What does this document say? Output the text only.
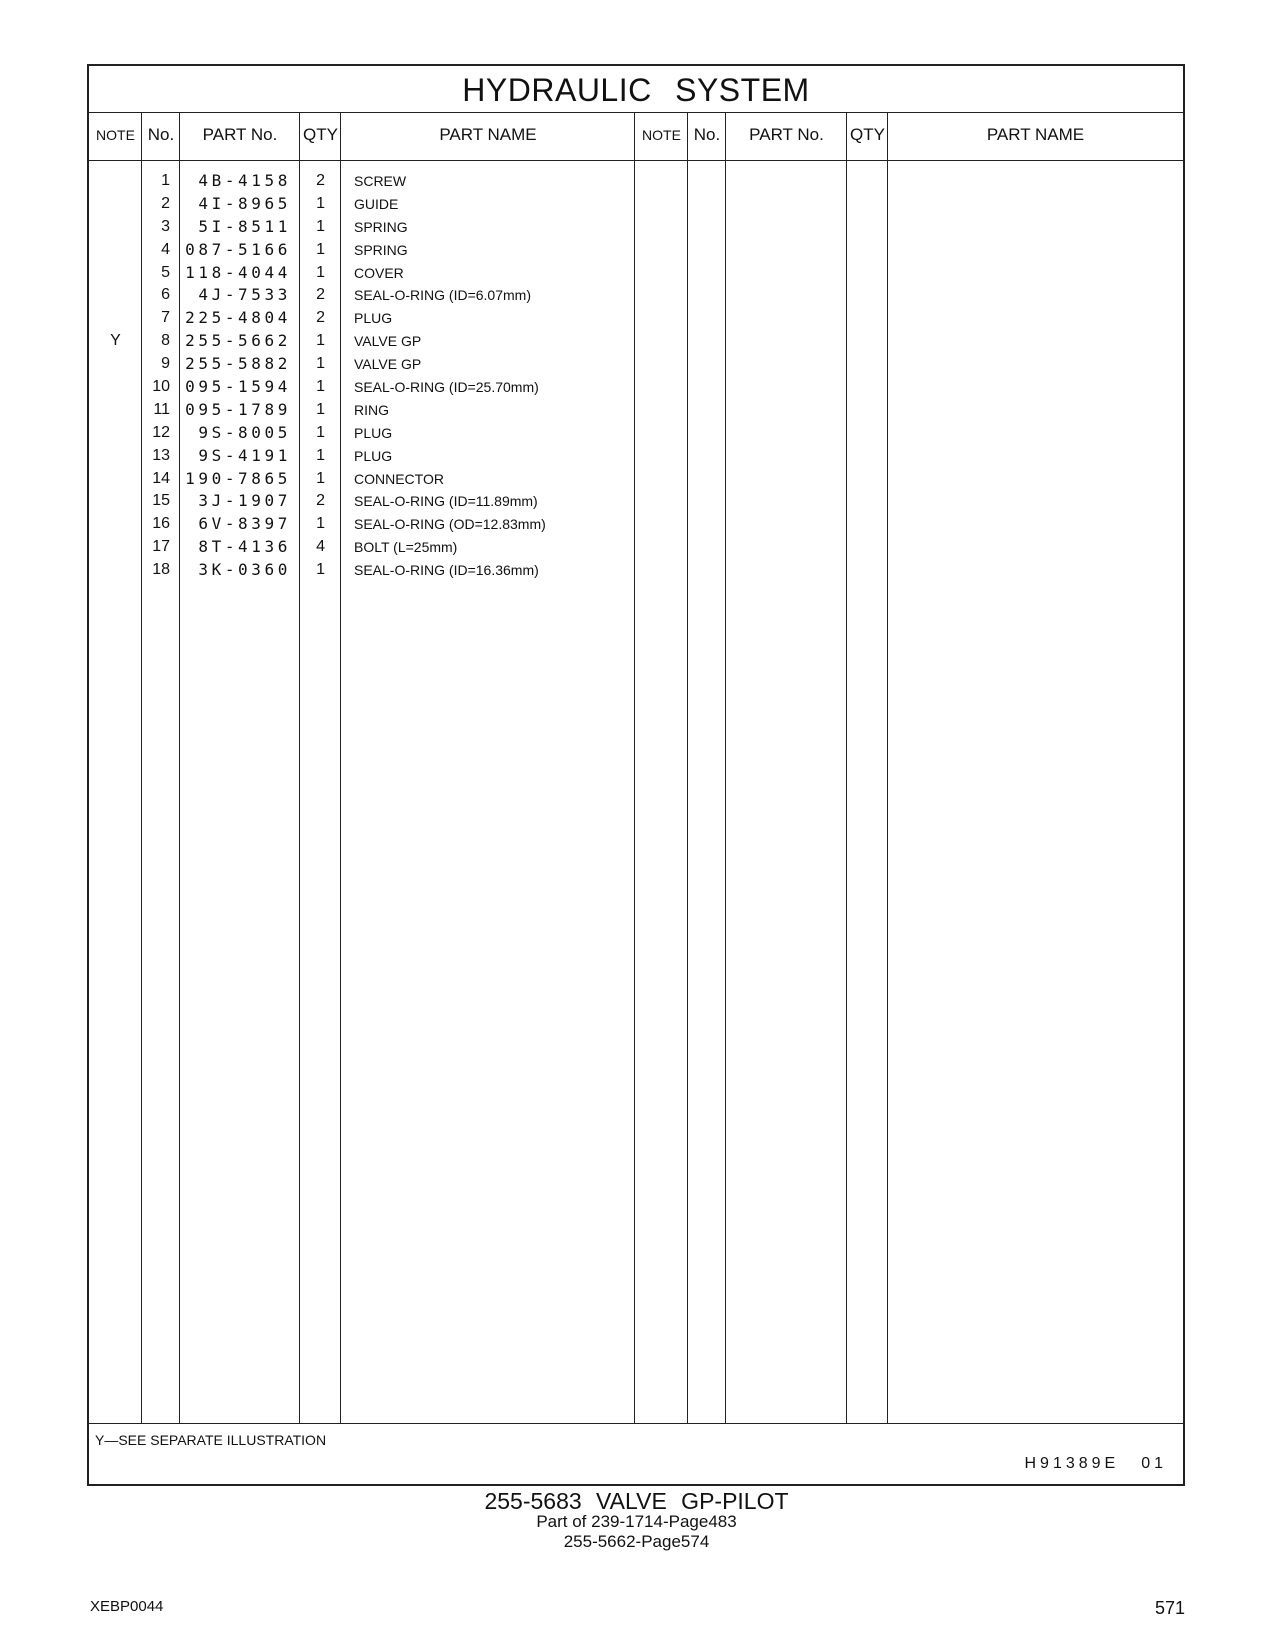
HYDRAULIC SYSTEM
NOTE No.	PART No.	QTY	PART NAME	NOTE No.	PART No.	QTY	PART NAME
1	4B-4158	2 SCREW
2	4I-8965	1 GUIDE
3	5I-8511	1 SPRING
4 087-5166	1 SPRING
5 118-4044	1 COVER
6	4J-7533	2 SEAL-O-RING (ID=6.07mm)
7 225-4804	2 PLUG
Y	8 255-5662	1 VALVE GP
9 255-5882	1 VALVE GP
10 095-1594	1 SEAL-O-RING (ID=25.70mm)
11 095-1789	1 RING
12	9S-8005	1 PLUG
13	9S-4191	1 PLUG
14 190-7865	1 CONNECTOR
15	3J-1907	2 SEAL-O-RING (ID=11.89mm)
16	6V-8397	1 SEAL-O-RING (OD=12.83mm)
17	8T-4136	4 BOLT (L=25mm)
18	3K-0360	1 SEAL-O-RING (ID=16.36mm)
Y—SEE SEPARATE ILLUSTRATION
H91389E 01
255-5683 VALVE GP-PILOT
Part of 239-1714-Page483
255-5662-Page574
XEBP0044	571
